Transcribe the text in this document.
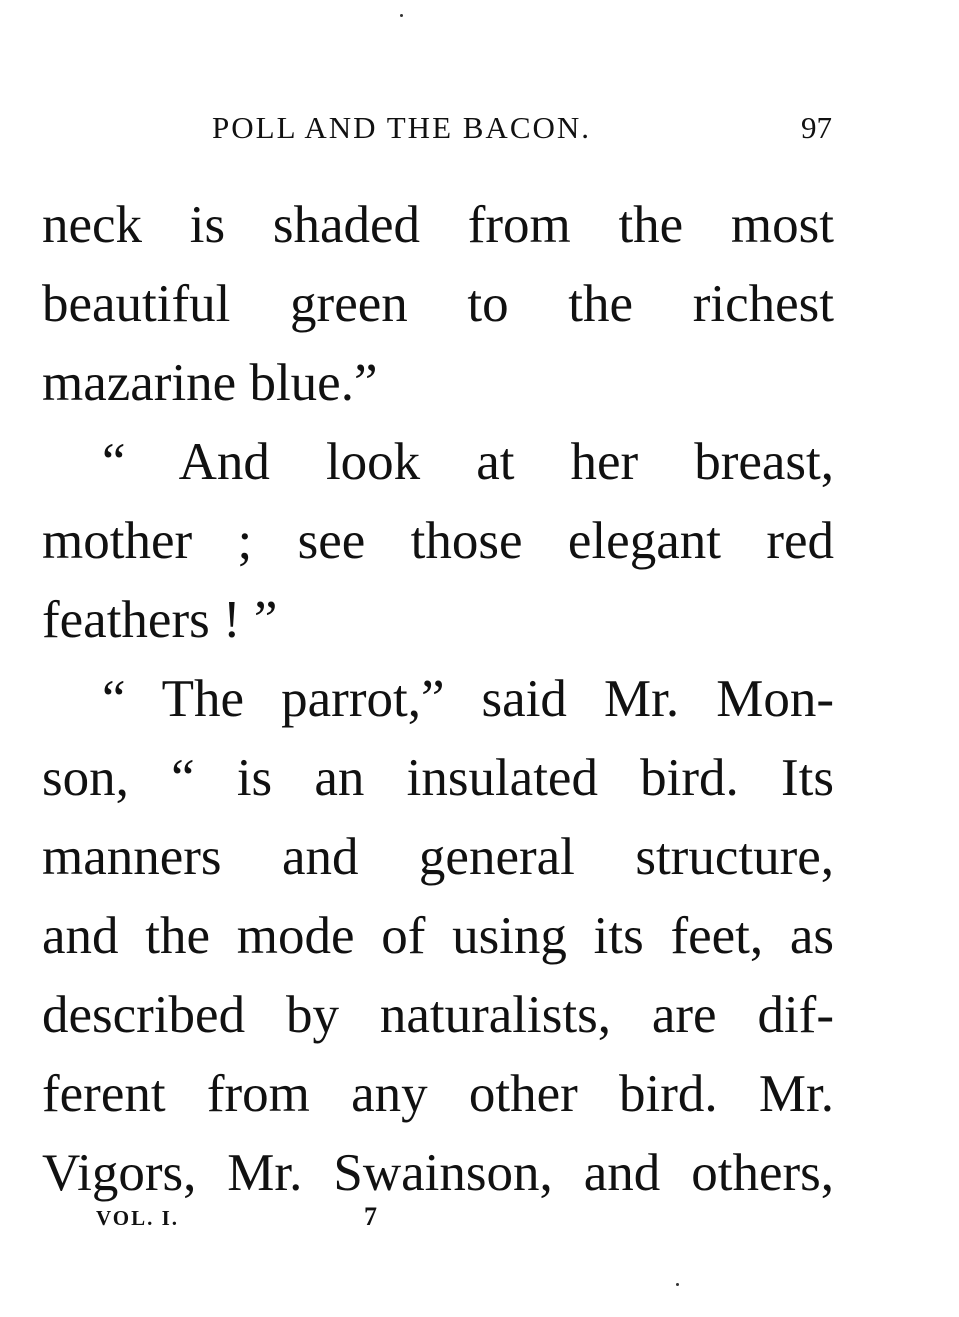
POLL AND THE BACON.	97
neck is shaded from the most
beautiful green to the richest
mazarine blue.”
“ And look at her breast,
mother ; see those elegant red
feathers ! ”
“ The parrot,” said Mr. Mon-
son, “ is an insulated bird. Its
manners and general structure,
and the mode of using its feet, as
described by naturalists, are dif-
ferent from any other bird. Mr.
Vigors, Mr. Swainson, and others,
VOL. I.	7
